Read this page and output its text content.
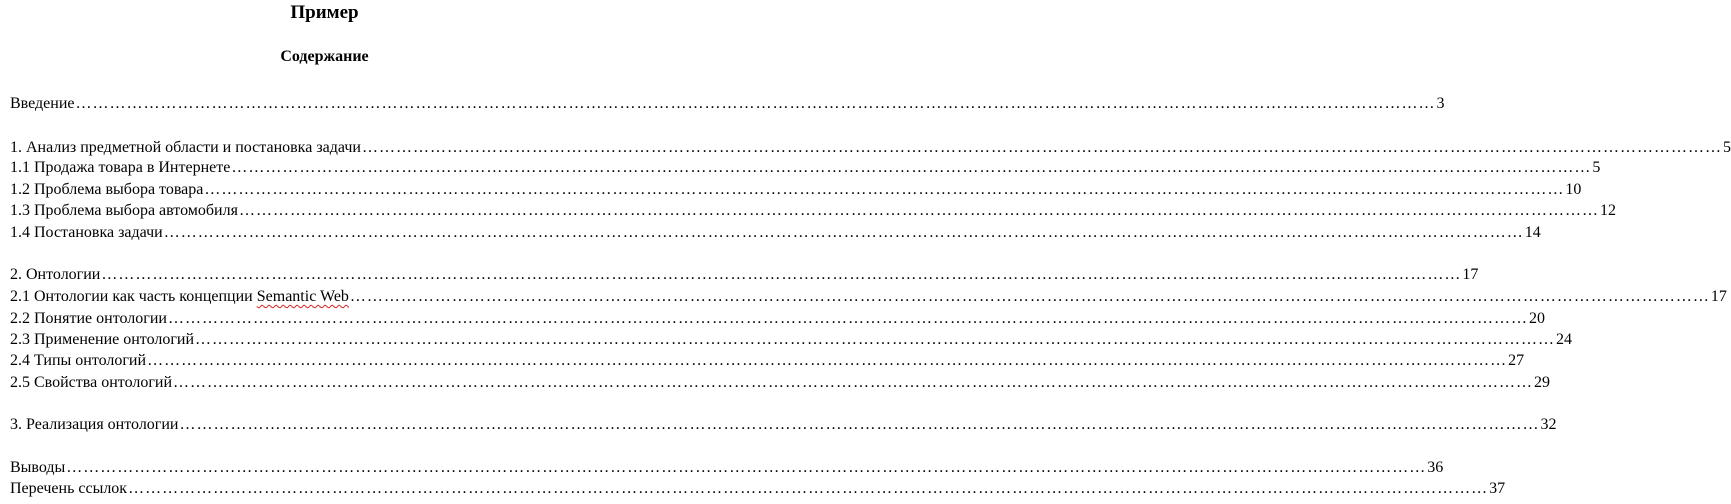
Пример
Содержание
Введение …………………………………………………………………………………………………………………………………………………………………………………………………………………… 3
1. Анализ предметной области и постановка задачи …………………………………………………………………………………………………………………………………………………………………………………………………………………… 5
1.1 Продажа товара в Интернете …………………………………………………………………………………………………………………………………………………………………………………………………………………… 5
1.2 Проблема выбора товара …………………………………………………………………………………………………………………………………………………………………………………………………………………… 10
1.3 Проблема выбора автомобиля …………………………………………………………………………………………………………………………………………………………………………………………………………………… 12
1.4 Постановка задачи …………………………………………………………………………………………………………………………………………………………………………………………………………………… 14
2. Онтологии …………………………………………………………………………………………………………………………………………………………………………………………………………………… 17
2.1 Онтологии как часть концепции Semantic Web …………………………………………………………………………………………………………………………………………………………………………………………………………………… 17
2.2 Понятие онтологии …………………………………………………………………………………………………………………………………………………………………………………………………………………… 20
2.3 Применение онтологий …………………………………………………………………………………………………………………………………………………………………………………………………………………… 24
2.4 Типы онтологий …………………………………………………………………………………………………………………………………………………………………………………………………………………… 27
2.5 Свойства онтологий …………………………………………………………………………………………………………………………………………………………………………………………………………………… 29
3. Реализация онтологии …………………………………………………………………………………………………………………………………………………………………………………………………………………… 32
Выводы …………………………………………………………………………………………………………………………………………………………………………………………………………………… 36
Перечень ссылок …………………………………………………………………………………………………………………………………………………………………………………………………………………… 37
